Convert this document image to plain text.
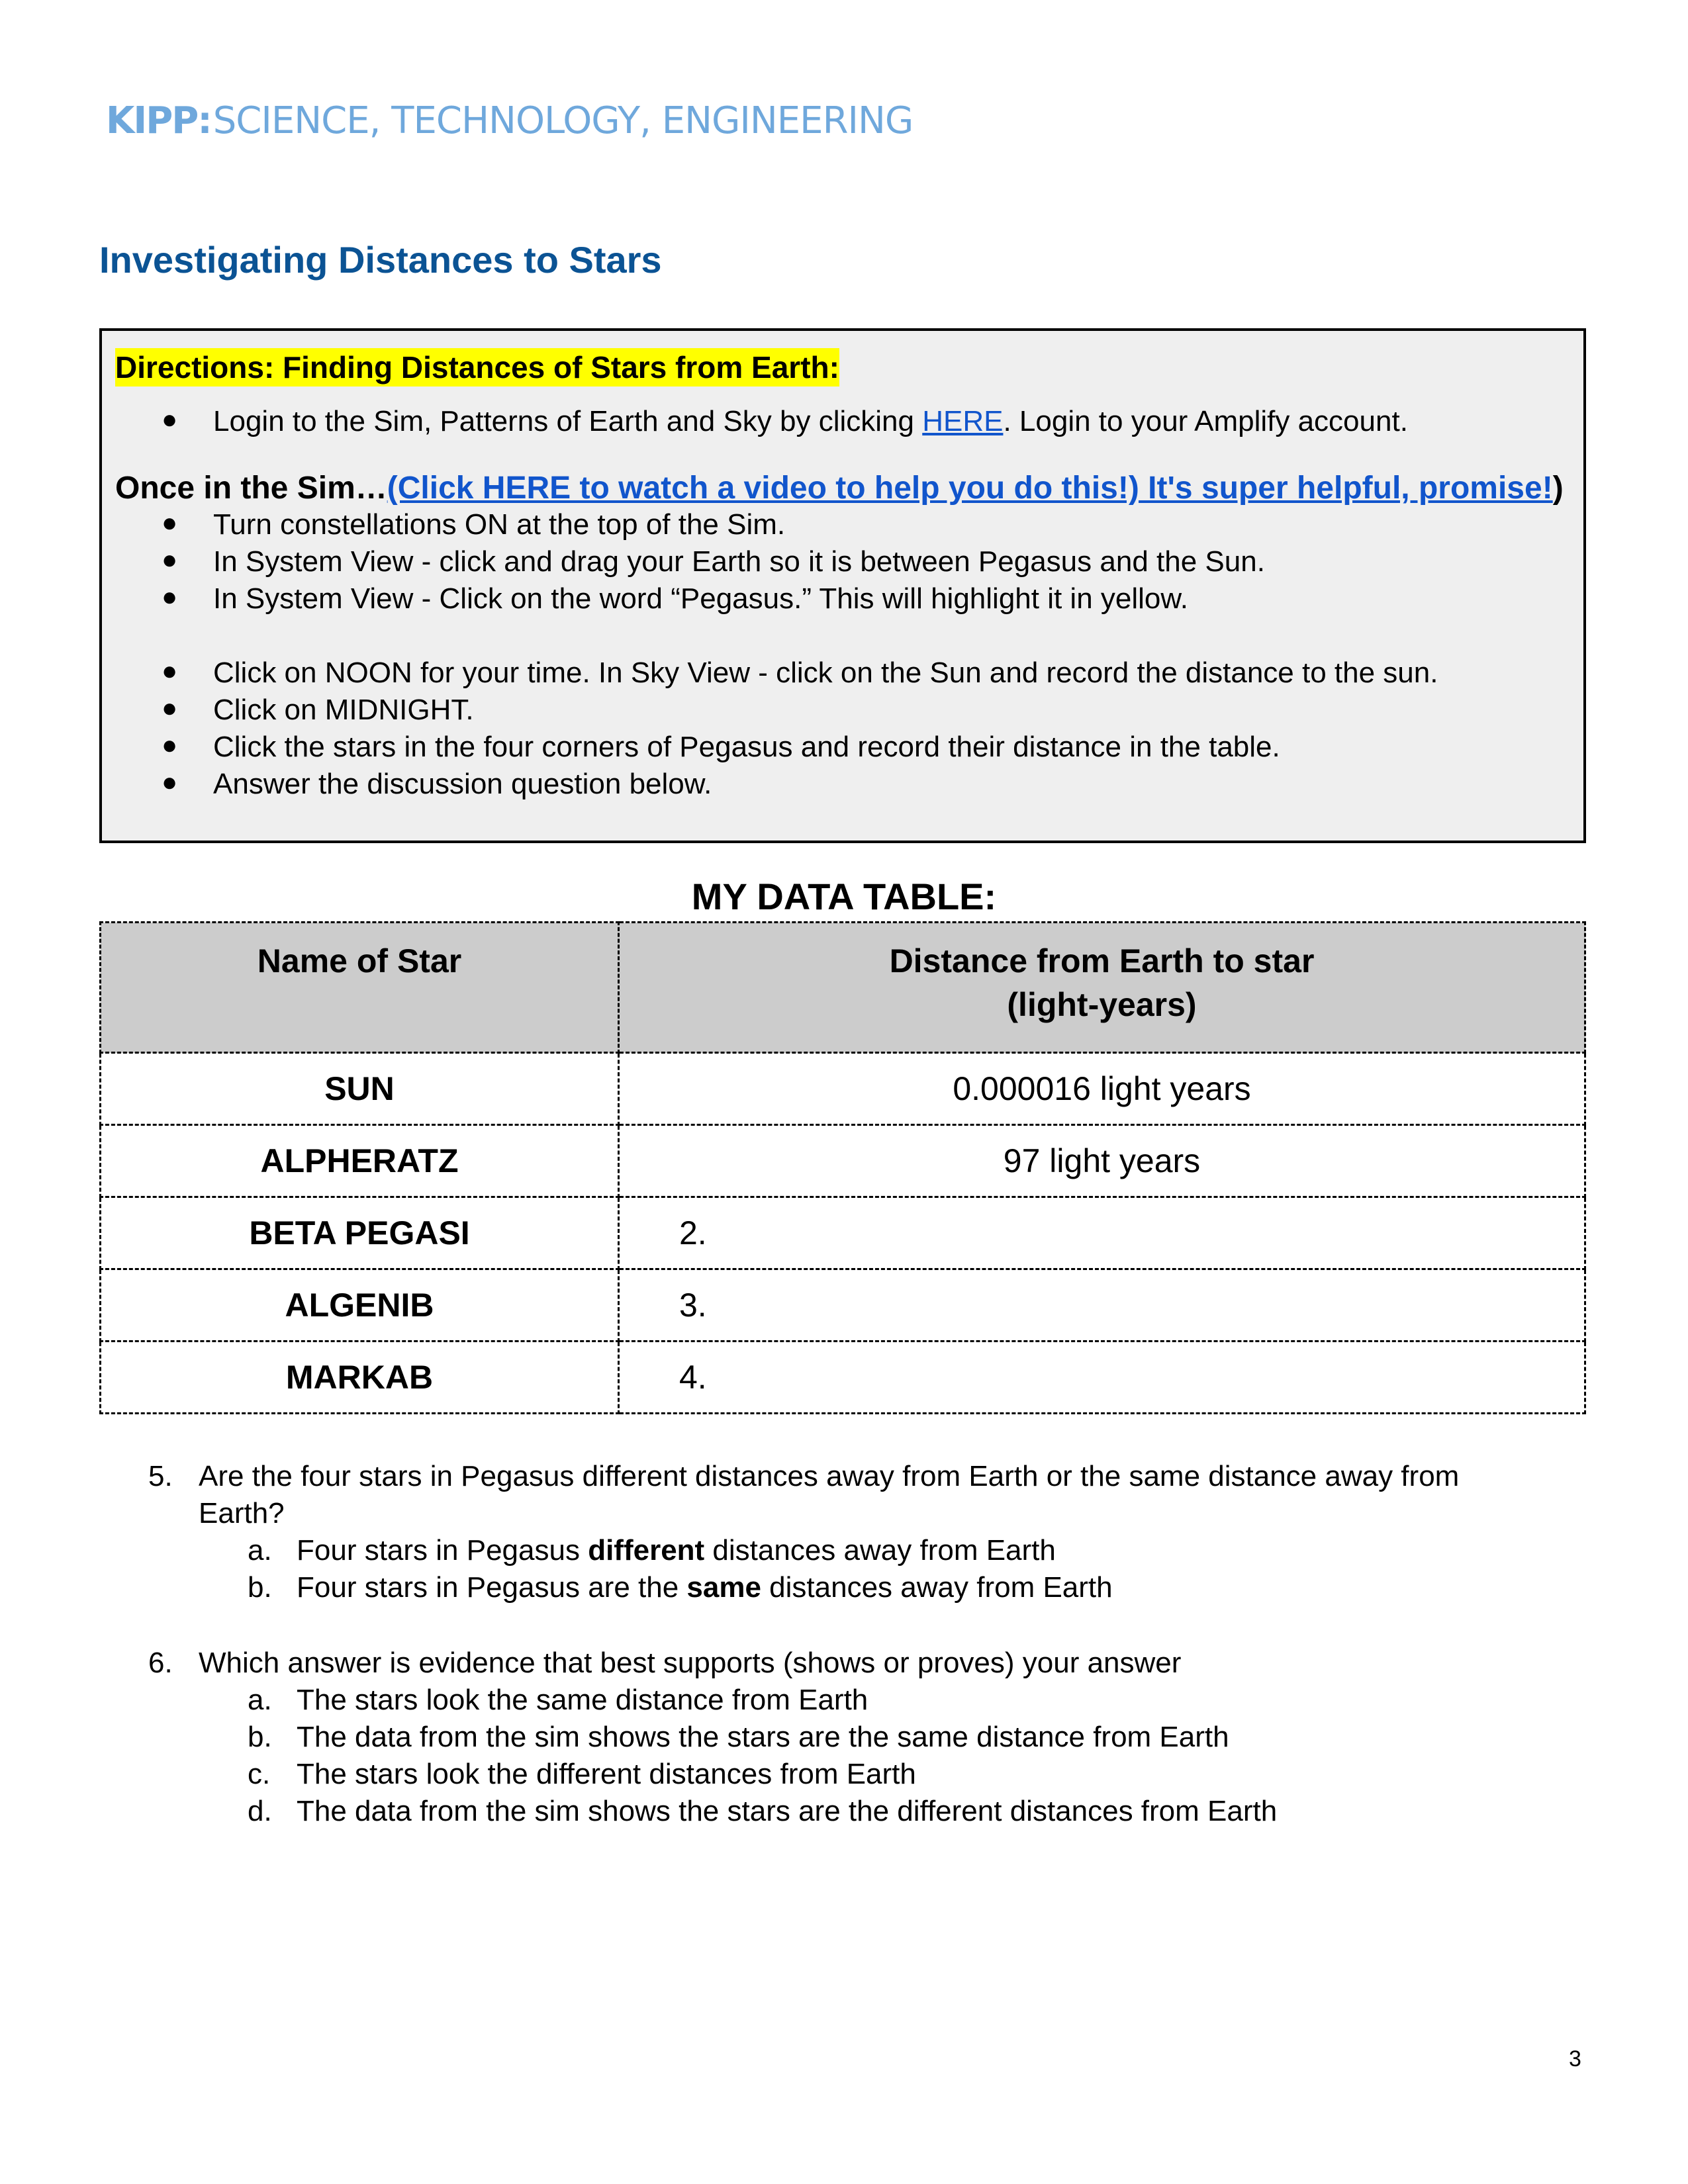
KIPP:SCIENCE, TECHNOLOGY, ENGINEERING
Investigating Distances to Stars
Directions: Finding Distances of Stars from Earth:
● Login to the Sim, Patterns of Earth and Sky by clicking HERE. Login to your Amplify account.
Once in the Sim…(Click HERE to watch a video to help you do this!) It's super helpful, promise!)
● Turn constellations ON at the top of the Sim.
● In System View - click and drag your Earth so it is between Pegasus and the Sun.
● In System View - Click on the word “Pegasus.” This will highlight it in yellow.
● Click on NOON for your time. In Sky View - click on the Sun and record the distance to the sun.
● Click on MIDNIGHT.
● Click the stars in the four corners of Pegasus and record their distance in the table.
● Answer the discussion question below.
MY DATA TABLE:
Name of Star	Distance from Earth to star
(light-years)
SUN	0.000016 light years
ALPHERATZ	97 light years
BETA PEGASI	2.
ALGENIB	3.
MARKAB	4.
5. Are the four stars in Pegasus different distances away from Earth or the same distance away from
Earth?
a. Four stars in Pegasus different distances away from Earth
b. Four stars in Pegasus are the same distances away from Earth
6. Which answer is evidence that best supports (shows or proves) your answer
a. The stars look the same distance from Earth
b. The data from the sim shows the stars are the same distance from Earth
c. The stars look the different distances from Earth
d. The data from the sim shows the stars are the different distances from Earth
3
